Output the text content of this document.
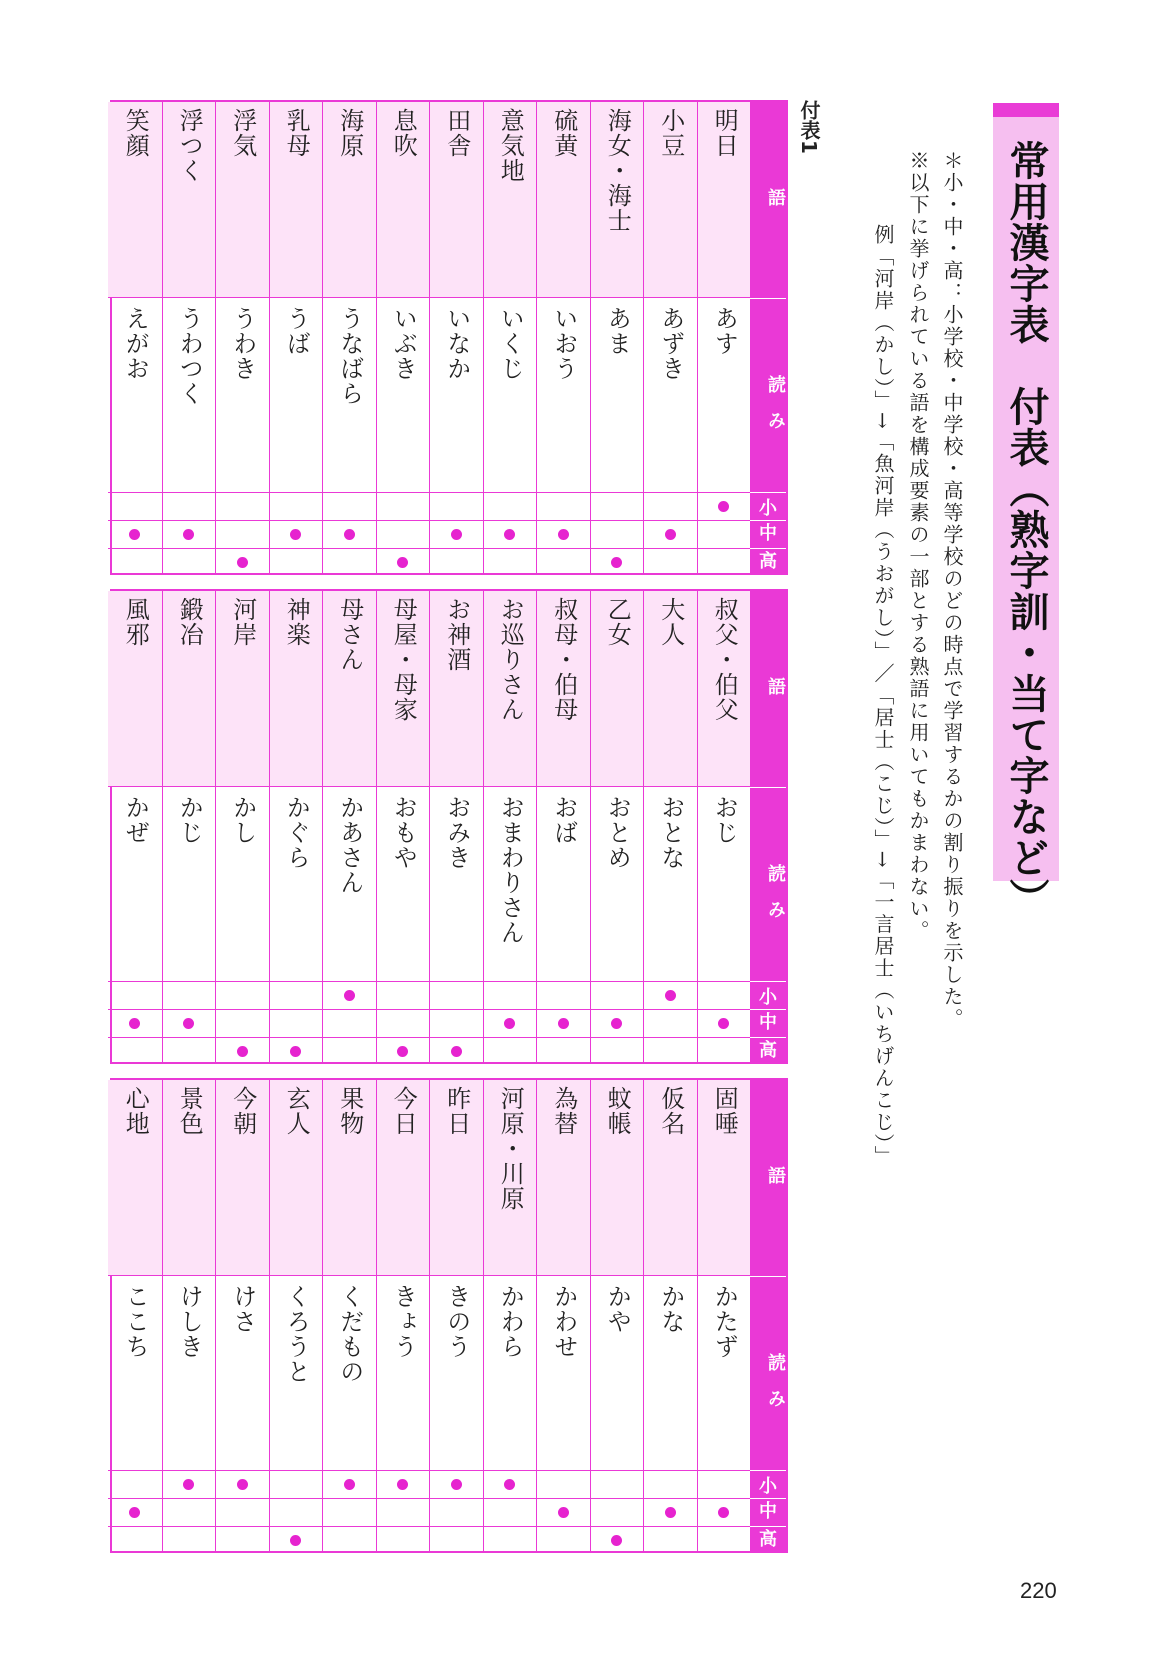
常用漢字表　付表（熟字訓・当て字など）
＊小・中・高：小学校・中学校・高等学校のどの時点で学習するかの割り振りを示した。
※以下に挙げられている語を構成要素の一部とする熟語に用いてもかまわない。
例「河岸（かし）」→「魚河岸（うおがし）」／「居士（こじ）」→「一言居士（いちげんこじ）」
付表1
語
読　み
小
中
高
明日
あす
小豆
あずき
海女・海士
あま
硫黄
いおう
意気地
いくじ
田舎
いなか
息吹
いぶき
海原
うなばら
乳母
うば
浮気
うわき
浮つく
うわつく
笑顔
えがお
語
読　み
小
中
高
叔父・伯父
おじ
大人
おとな
乙女
おとめ
叔母・伯母
おば
お巡りさん
おまわりさん
お神酒
おみき
母屋・母家
おもや
母さん
かあさん
神楽
かぐら
河岸
かし
鍛冶
かじ
風邪
かぜ
語
読　み
小
中
高
固唾
かたず
仮名
かな
蚊帳
かや
為替
かわせ
河原・川原
かわら
昨日
きのう
今日
きょう
果物
くだもの
玄人
くろうと
今朝
けさ
景色
けしき
心地
ここち
220
